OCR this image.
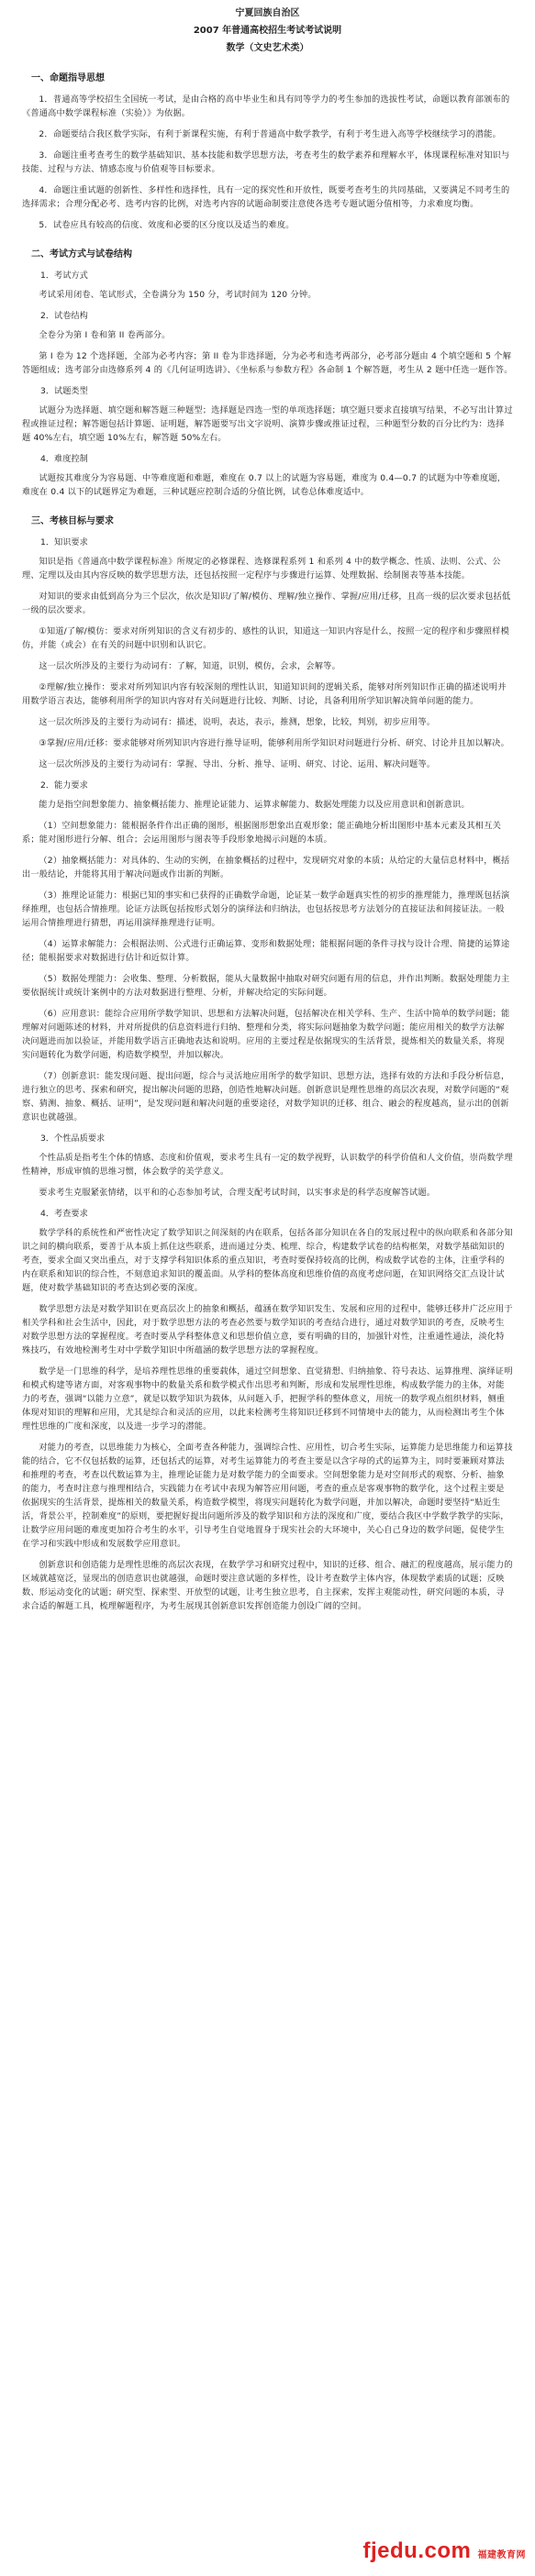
宁夏回族自治区
2007 年普通高校招生考试考试说明
数学（文史艺术类）
一、命题指导思想
1．普通高等学校招生全国统一考试，是由合格的高中毕业生和具有同等学力的考生参加的选拔性考试，命题以教育部颁布的《普通高中数学课程标准（实验）》为依据。
2．命题要结合我区数学实际，有利于新课程实施，有利于普通高中数学教学，有利于考生进入高等学校继续学习的潜能。
3．命题注重考查考生的数学基础知识、基本技能和数学思想方法，考查考生的数学素养和理解水平，体现课程标准对知识与技能、过程与方法、情感态度与价值观等目标要求。
4．命题注重试题的创新性、多样性和选择性，具有一定的探究性和开放性，既要考查考生的共同基础，又要满足不同考生的选择需求；合理分配必考、选考内容的比例，对选考内容的试题命制要注意使各选考专题试题分值相等，力求难度均衡。
5．试卷应具有较高的信度、效度和必要的区分度以及适当的难度。
二、考试方式与试卷结构
1．考试方式
考试采用闭卷、笔试形式，全卷满分为 150 分，考试时间为 120 分钟。
2．试卷结构
全卷分为第 I 卷和第 II 卷两部分。
第 I 卷为 12 个选择题，全部为必考内容；第 II 卷为非选择题，分为必考和选考两部分，必考部分题由 4 个填空题和 5 个解答题组成；选考部分由选修系列 4 的《几何证明选讲》、《坐标系与参数方程》各命制 1 个解答题，考生从 2 题中任选一题作答。
3．试题类型
试题分为选择题、填空题和解答题三种题型；选择题是四选一型的单项选择题；填空题只要求直接填写结果，不必写出计算过程或推证过程；解答题包括计算题、证明题，解答题要写出文字说明、演算步骤或推证过程，三种题型分数的百分比约为：选择题 40%左右，填空题 10%左右，解答题 50%左右。
4．难度控制
试题按其难度分为容易题、中等难度题和难题，难度在 0.7 以上的试题为容易题，难度为 0.4—0.7 的试题为中等难度题，难度在 0.4 以下的试题界定为难题，三种试题应控制合适的分值比例，试卷总体难度适中。
三、考核目标与要求
1．知识要求
知识是指《普通高中数学课程标准》所规定的必修课程、选修课程系列 1 和系列 4 中的数学概念、性质、法则、公式、公理、定理以及由其内容反映的数学思想方法，还包括按照一定程序与步骤进行运算、处理数据、绘制图表等基本技能。
对知识的要求由低到高分为三个层次，依次是知识/了解/模仿、理解/独立操作、掌握/应用/迁移，且高一级的层次要求包括低一级的层次要求。
①知道/了解/模仿：要求对所列知识的含义有初步的、感性的认识，知道这一知识内容是什么，按照一定的程序和步骤照样模仿，并能（或会）在有关的问题中识别和认识它。
这一层次所涉及的主要行为动词有：了解，知道，识别，模仿，会求，会解等。
②理解/独立操作：要求对所列知识内容有较深刻的理性认识，知道知识间的逻辑关系，能够对所列知识作正确的描述说明并用数学语言表达，能够利用所学的知识内容对有关问题进行比较、判断、讨论，具备利用所学知识解决简单问题的能力。
这一层次所涉及的主要行为动词有：描述，说明，表达，表示，推测，想象，比较，判别，初步应用等。
③掌握/应用/迁移：要求能够对所列知识内容进行推导证明，能够利用所学知识对问题进行分析、研究、讨论并且加以解决。
这一层次所涉及的主要行为动词有：掌握、导出、分析、推导、证明、研究、讨论、运用、解决问题等。
2．能力要求
能力是指空间想象能力、抽象概括能力、推理论证能力、运算求解能力、数据处理能力以及应用意识和创新意识。
（1）空间想象能力：能根据条件作出正确的图形，根据图形想象出直观形象；能正确地分析出图形中基本元素及其相互关系；能对图形进行分解、组合；会运用图形与图表等手段形象地揭示问题的本质。
（2）抽象概括能力：对具体的、生动的实例，在抽象概括的过程中，发现研究对象的本质；从给定的大量信息材料中，概括出一般结论，并能将其用于解决问题或作出新的判断。
（3）推理论证能力：根据已知的事实和已获得的正确数学命题，论证某一数学命题真实性的初步的推理能力，推理既包括演绎推理，也包括合情推理。论证方法既包括按形式划分的演绎法和归纳法，也包括按思考方法划分的直接证法和间接证法。一般运用合情推理进行猜想，再运用演绎推理进行证明。
（4）运算求解能力：会根据法则、公式进行正确运算、变形和数据处理；能根据问题的条件寻找与设计合理、简捷的运算途径；能根据要求对数据进行估计和近似计算。
（5）数据处理能力：会收集、整理、分析数据，能从大量数据中抽取对研究问题有用的信息，并作出判断。数据处理能力主要依据统计或统计案例中的方法对数据进行整理、分析，并解决给定的实际问题。
（6）应用意识：能综合应用所学数学知识、思想和方法解决问题，包括解决在相关学科、生产、生活中简单的数学问题；能理解对问题陈述的材料，并对所提供的信息资料进行归纳、整理和分类，将实际问题抽象为数学问题；能应用相关的数学方法解决问题进而加以验证，并能用数学语言正确地表达和说明。应用的主要过程是依据现实的生活背景，提炼相关的数量关系，将现实问题转化为数学问题，构造数学模型，并加以解决。
（7）创新意识：能发现问题、提出问题，综合与灵活地应用所学的数学知识、思想方法，选择有效的方法和手段分析信息，进行独立的思考、探索和研究，提出解决问题的思路，创造性地解决问题。创新意识是理性思维的高层次表现，对数学问题的“观察、猜测、抽象、概括、证明”，是发现问题和解决问题的重要途径，对数学知识的迁移、组合、融会的程度越高，显示出的创新意识也就越强。
3．个性品质要求
个性品质是指考生个体的情感、态度和价值观，要求考生具有一定的数学视野，认识数学的科学价值和人文价值，崇尚数学理性精神，形成审慎的思维习惯，体会数学的美学意义。
要求考生克服紧张情绪，以平和的心态参加考试，合理支配考试时间，以实事求是的科学态度解答试题。
4．考查要求
数学学科的系统性和严密性决定了数学知识之间深刻的内在联系，包括各部分知识在各自的发展过程中的纵向联系和各部分知识之间的横向联系，要善于从本质上抓住这些联系，进而通过分类、梳理、综合，构建数学试卷的结构框架，对数学基础知识的考查，要求全面又突出重点，对于支撑学科知识体系的重点知识，考查时要保持较高的比例，构成数学试卷的主体，注重学科的内在联系和知识的综合性，不刻意追求知识的覆盖面。从学科的整体高度和思维价值的高度考虑问题，在知识网络交汇点设计试题，使对数学基础知识的考查达到必要的深度。
数学思想方法是对数学知识在更高层次上的抽象和概括，蕴涵在数学知识发生、发展和应用的过程中，能够迁移并广泛应用于相关学科和社会生活中，因此，对于数学思想方法的考查必然要与数学知识的考查结合进行，通过对数学知识的考查，反映考生对数学思想方法的掌握程度。考查时要从学科整体意义和思想价值立意，要有明确的目的，加强针对性，注重通性通法，淡化特殊技巧，有效地检测考生对中学数学知识中所蕴涵的数学思想方法的掌握程度。
数学是一门思维的科学，是培养理性思维的重要载体，通过空间想象、直觉猜想、归纳抽象、符号表达、运算推理、演绎证明和模式构建等诸方面，对客观事物中的数量关系和数学模式作出思考和判断，形成和发展理性思维，构成数学能力的主体，对能力的考查，强调“以能力立意”，就是以数学知识为载体，从问题入手，把握学科的整体意义，用统一的数学观点组织材料，侧重体现对知识的理解和应用，尤其是综合和灵活的应用，以此来检测考生将知识迁移到不同情境中去的能力，从而检测出考生个体理性思维的广度和深度，以及进一步学习的潜能。
对能力的考查，以思维能力为核心，全面考查各种能力，强调综合性、应用性，切合考生实际，运算能力是思维能力和运算技能的结合，它不仅包括数的运算，还包括式的运算，对考生运算能力的考查主要是以含字母的式的运算为主，同时要兼顾对算法和推理的考查，考查以代数运算为主，推理论证能力是对数学能力的全面要求。空间想象能力是对空间形式的观察、分析、抽象的能力，考查时注意与推理相结合，实践能力在考试中表现为解答应用问题，考查的重点是客观事物的数学化，这个过程主要是依据现实的生活背景，提炼相关的数量关系，构造数学模型，将现实问题转化为数学问题，并加以解决，命题时要坚持“贴近生活，背景公平，控制难度”的原则，要把握好提出问题所涉及的数学知识和方法的深度和广度，要结合我区中学数学教学的实际，让数学应用问题的难度更加符合考生的水平，引导考生自觉地置身于现实社会的大环境中，关心自己身边的数学问题，促使学生在学习和实践中形成和发展数学应用意识。
创新意识和创造能力是理性思维的高层次表现，在数学学习和研究过程中，知识的迁移、组合、融汇的程度越高，展示能力的区域就越宽泛，显现出的创造意识也就越强，命题时要注意试题的多样性，设计考查数学主体内容，体现数学素质的试题；反映数、形运动变化的试题；研究型、探索型、开放型的试题，让考生独立思考，自主探索，发挥主观能动性，研究问题的本质，寻求合适的解题工具，梳理解题程序，为考生展现其创新意识发挥创造能力创设广阔的空间。
fjedu.com 福建教育网
